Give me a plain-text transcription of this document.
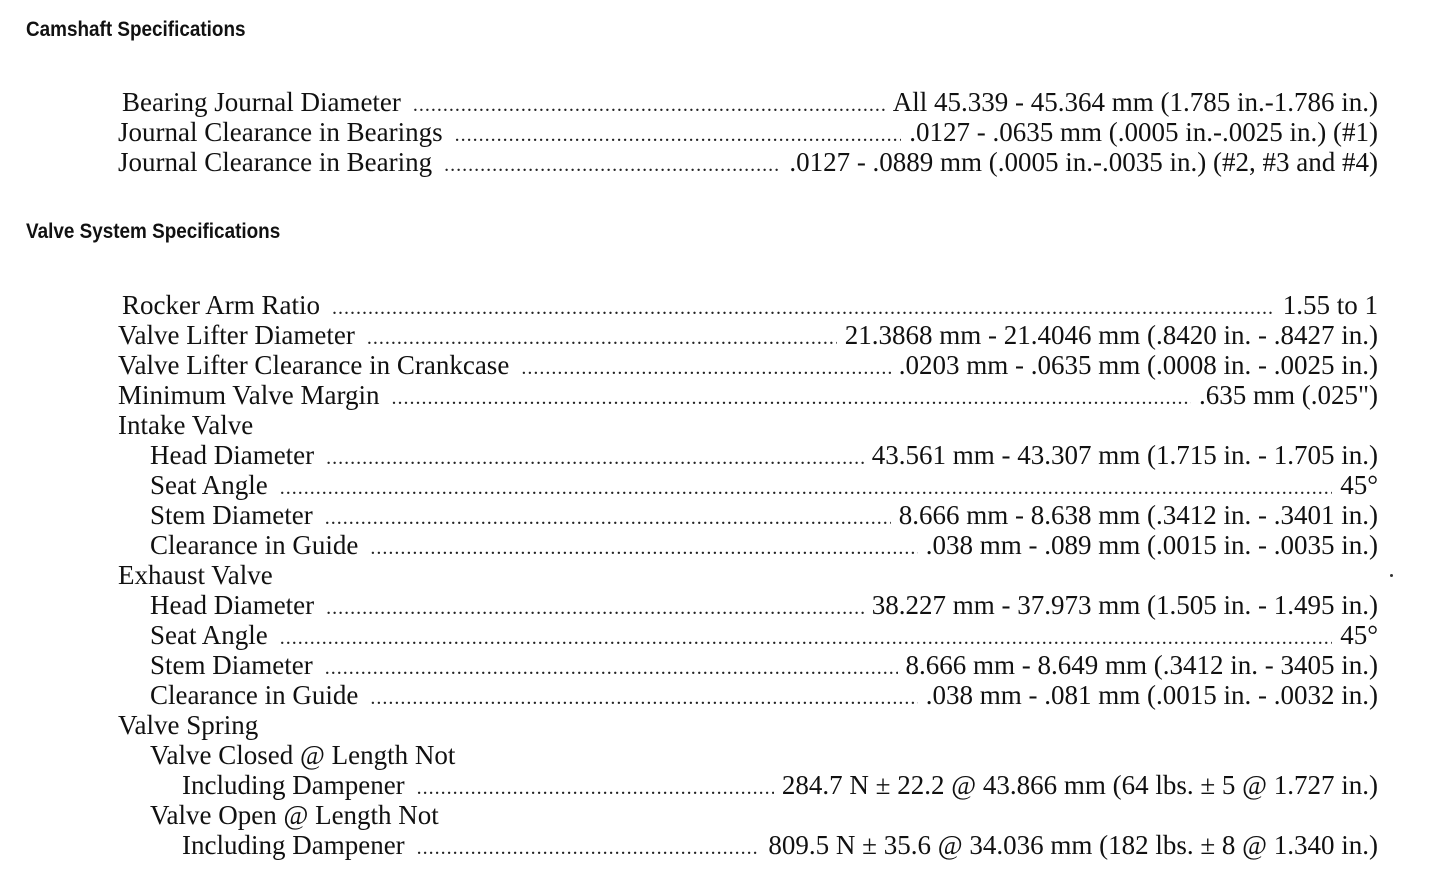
Camshaft Specifications
Bearing Journal Diameter .....	All 45.339 - 45.364 mm (1.785 in.-1.786 in.)
Journal Clearance in Bearings .....	.0127 - .0635 mm (.0005 in.-.0025 in.) (#1)
Journal Clearance in Bearing .....	.0127 - .0889 mm (.0005 in.-.0035 in.) (#2, #3 and #4)
Valve System Specifications
Rocker Arm Ratio .....	1.55 to 1
Valve Lifter Diameter .....	21.3868 mm - 21.4046 mm (.8420 in. - .8427 in.)
Valve Lifter Clearance in Crankcase .....	.0203 mm - .0635 mm (.0008 in. - .0025 in.)
Minimum Valve Margin .....	.635 mm (.025")
Intake Valve
Head Diameter .....	43.561 mm - 43.307 mm (1.715 in. - 1.705 in.)
Seat Angle .....	45°
Stem Diameter .....	8.666 mm - 8.638 mm (.3412 in. - .3401 in.)
Clearance in Guide .....	.038 mm - .089 mm (.0015 in. - .0035 in.)
Exhaust Valve
Head Diameter .....	38.227 mm - 37.973 mm (1.505 in. - 1.495 in.)
Seat Angle .....	45°
Stem Diameter .....	8.666 mm - 8.649 mm (.3412 in. - 3405 in.)
Clearance in Guide .....	.038 mm - .081 mm (.0015 in. - .0032 in.)
Valve Spring
Valve Closed @ Length Not
Including Dampener .....	284.7 N ± 22.2 @ 43.866 mm (64 lbs. ± 5 @ 1.727 in.)
Valve Open @ Length Not
Including Dampener .....	809.5 N ± 35.6 @ 34.036 mm (182 lbs. ± 8 @ 1.340 in.)
